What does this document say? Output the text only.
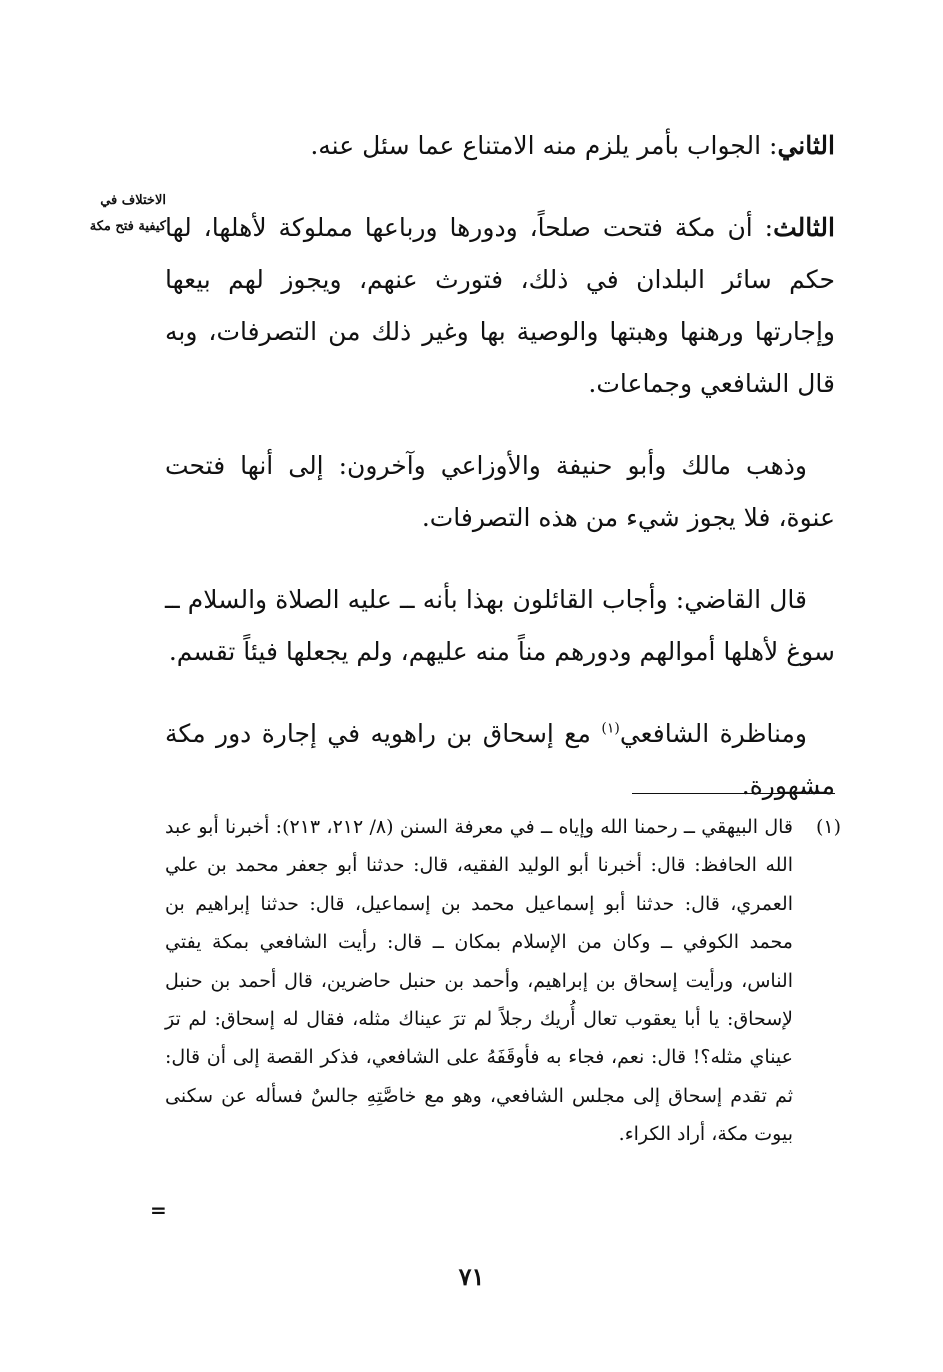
الاختلاف في كيفية فتح مكة

الثاني: الجواب بأمر يلزم منه الامتناع عما سئل عنه.

الثالث: أن مكة فتحت صلحاً، ودورها ورباعها مملوكة لأهلها، لها حكم سائر البلدان في ذلك، فتورث عنهم، ويجوز لهم بيعها وإجارتها ورهنها وهبتها والوصية بها وغير ذلك من التصرفات، وبه قال الشافعي وجماعات.

وذهب مالك وأبو حنيفة والأوزاعي وآخرون: إلى أنها فتحت عنوة، فلا يجوز شيء من هذه التصرفات.

قال القاضي: وأجاب القائلون بهذا بأنه ــ عليه الصلاة والسلام ــ سوغ لأهلها أموالهم ودورهم مناً منه عليهم، ولم يجعلها فيئاً تقسم.

ومناظرة الشافعي$^{(١)}$ مع إسحاق بن راهويه في إجارة دور مكة مشهورة.

(١)
قال البيهقي ــ رحمنا الله وإياه ــ في معرفة السنن (٨/ ٢١٢، ٢١٣): أخبرنا أبو عبد الله الحافظ: قال: أخبرنا أبو الوليد الفقيه، قال: حدثنا أبو جعفر محمد بن علي العمري، قال: حدثنا أبو إسماعيل محمد بن إسماعيل، قال: حدثنا إبراهيم بن محمد الكوفي ــ وكان من الإسلام بمكان ــ قال: رأيت الشافعي بمكة يفتي الناس، ورأيت إسحاق بن إبراهيم، وأحمد بن حنبل حاضرين، قال أحمد بن حنبل لإسحاق: يا أبا يعقوب تعال أُريك رجلاً لم ترَ عيناك مثله، فقال له إسحاق: لم ترَ عيناي مثله؟! قال: نعم، فجاء به فأوقَفَهُ على الشافعي، فذكر القصة إلى أن قال: ثم تقدم إسحاق إلى مجلس الشافعي، وهو مع خاصَّتِهِ جالسٌ فسأله عن سكنى بيوت مكة، أراد الكراء.
=
٧١
